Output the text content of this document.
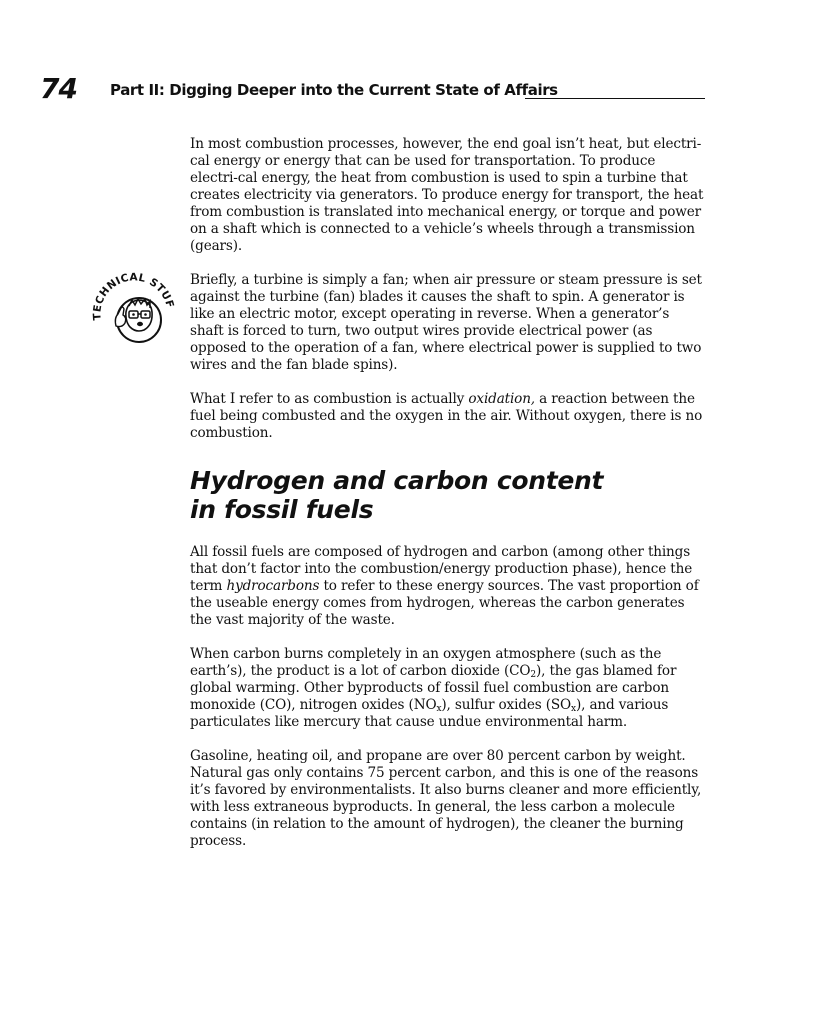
74 Part II: Digging Deeper into the Current State of Affairs
TECHNICAL STUF

In most combustion processes, however, the end goal isn’t heat, but electri-cal energy or energy that can be used for transportation. To produce electri-cal energy, the heat from combustion is used to spin a turbine that creates electricity via generators. To produce energy for transport, the heat from combustion is translated into mechanical energy, or torque and power on a shaft which is connected to a vehicle’s wheels through a transmission (gears).

Briefly, a turbine is simply a fan; when air pressure or steam pressure is set against the turbine (fan) blades it causes the shaft to spin. A generator is like an electric motor, except operating in reverse. When a generator’s shaft is forced to turn, two output wires provide electrical power (as opposed to the operation of a fan, where electrical power is supplied to two wires and the fan blade spins).

What I refer to as combustion is actually oxidation, a reaction between the fuel being combusted and the oxygen in the air. Without oxygen, there is no combustion.

Hydrogen and carbon content
in fossil fuels

All fossil fuels are composed of hydrogen and carbon (among other things that don’t factor into the combustion/energy production phase), hence the term hydrocarbons to refer to these energy sources. The vast proportion of the useable energy comes from hydrogen, whereas the carbon generates the vast majority of the waste.

When carbon burns completely in an oxygen atmosphere (such as the earth’s), the product is a lot of carbon dioxide $(CO_2)$, the gas blamed for global warming. Other byproducts of fossil fuel combustion are carbon monoxide (CO), nitrogen oxides $(NO_x)$, sulfur oxides $(SO_x)$, and various particulates like mercury that cause undue environmental harm.

Gasoline, heating oil, and propane are over 80 percent carbon by weight. Natural gas only contains 75 percent carbon, and this is one of the reasons it’s favored by environmentalists. It also burns cleaner and more efficiently, with less extraneous byproducts. In general, the less carbon a molecule contains (in relation to the amount of hydrogen), the cleaner the burning process.
